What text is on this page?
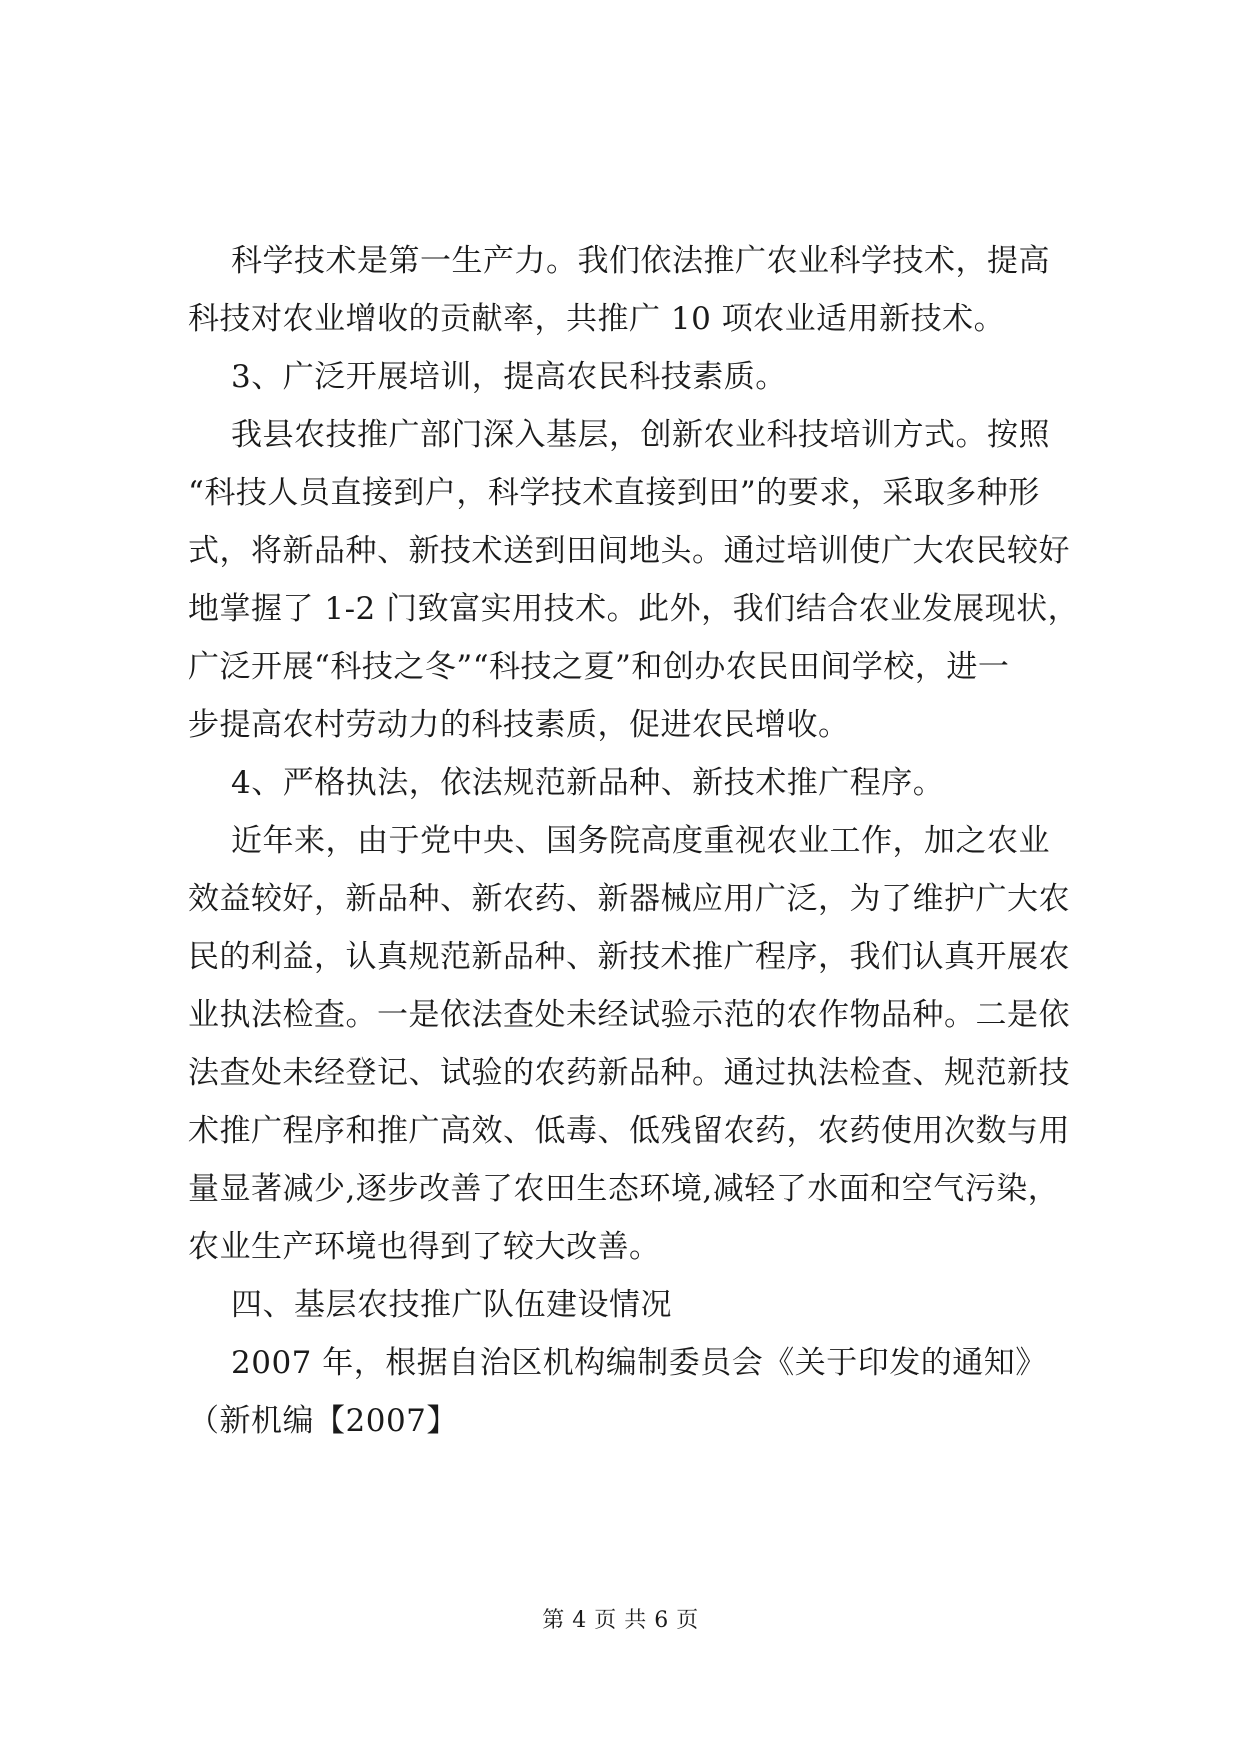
科学技术是第一生产力。我们依法推广农业科学技术，提高
科技对农业增收的贡献率，共推广 10 项农业适用新技术。
3、广泛开展培训，提高农民科技素质。
我县农技推广部门深入基层，创新农业科技培训方式。按照
“科技人员直接到户，科学技术直接到田”的要求，采取多种形
式，将新品种、新技术送到田间地头。通过培训使广大农民较好
地掌握了 1-2 门致富实用技术。此外，我们结合农业发展现状，
广泛开展“科技之冬”“科技之夏”和创办农民田间学校，进一
步提高农村劳动力的科技素质，促进农民增收。
4、严格执法，依法规范新品种、新技术推广程序。
近年来，由于党中央、国务院高度重视农业工作，加之农业
效益较好，新品种、新农药、新器械应用广泛，为了维护广大农
民的利益，认真规范新品种、新技术推广程序，我们认真开展农
业执法检查。一是依法查处未经试验示范的农作物品种。二是依
法查处未经登记、试验的农药新品种。通过执法检查、规范新技
术推广程序和推广高效、低毒、低残留农药，农药使用次数与用
量显著减少,逐步改善了农田生态环境,减轻了水面和空气污染，
农业生产环境也得到了较大改善。
四、基层农技推广队伍建设情况
2007 年，根据自治区机构编制委员会《关于印发的通知》
（新机编【2007】
第 4 页 共 6 页
